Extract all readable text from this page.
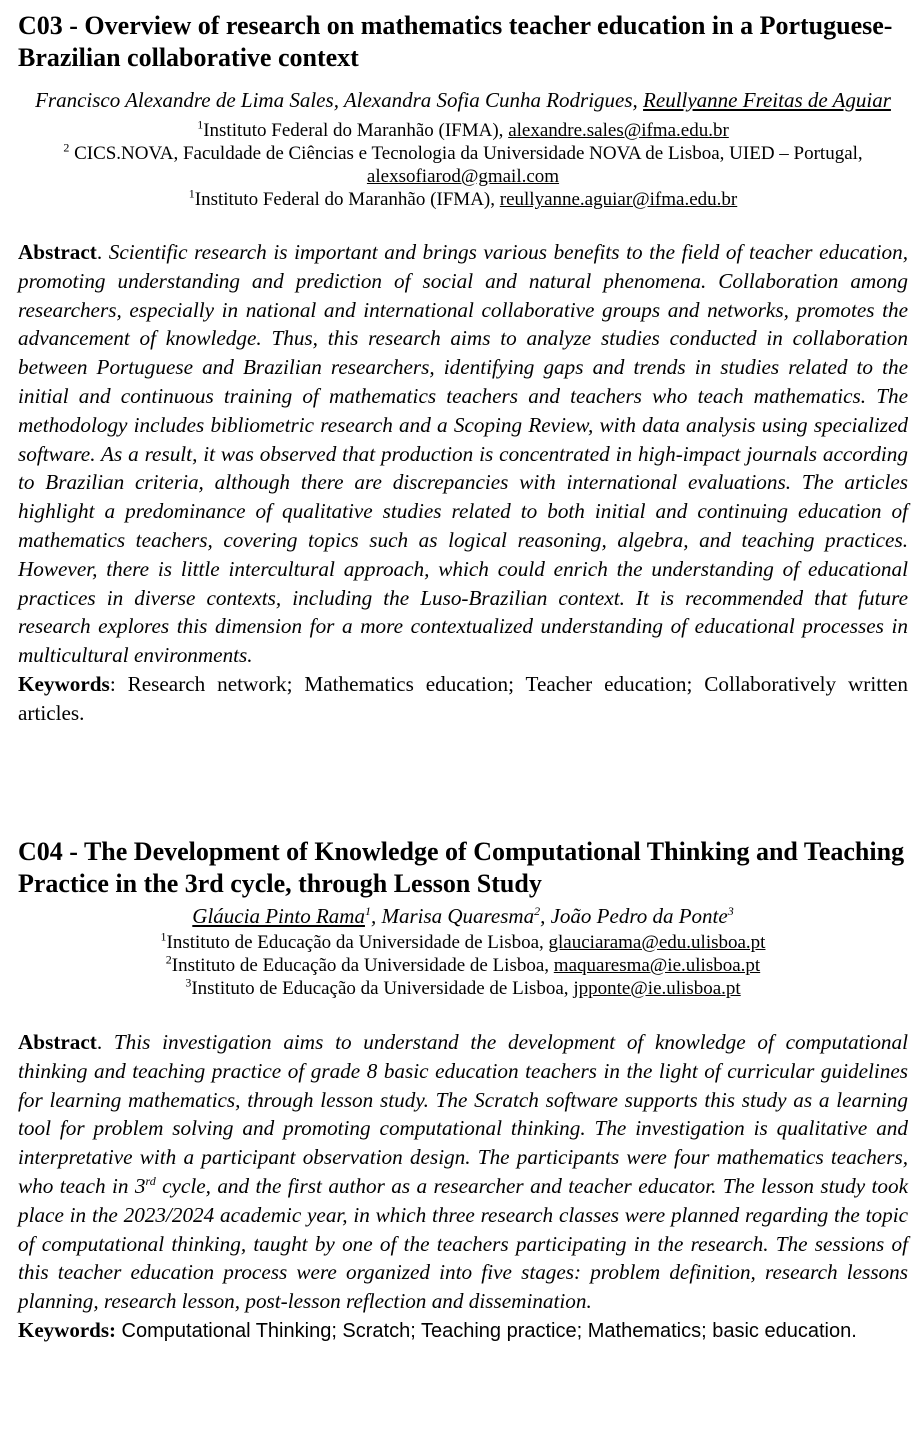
C03 - Overview of research on mathematics teacher education in a Portuguese-Brazilian collaborative context

Francisco Alexandre de Lima Sales, Alexandra Sofia Cunha Rodrigues, Reullyanne Freitas de Aguiar

$^1$Instituto Federal do Maranhão (IFMA), alexandre.sales@ifma.edu.br

$^2$ CICS.NOVA, Faculdade de Ciências e Tecnologia da Universidade NOVA de Lisboa, UIED – Portugal, alexsofiarod@gmail.com

$^1$Instituto Federal do Maranhão (IFMA), reullyanne.aguiar@ifma.edu.br

Abstract. Scientific research is important and brings various benefits to the field of teacher education, promoting understanding and prediction of social and natural phenomena. Collaboration among researchers, especially in national and international collaborative groups and networks, promotes the advancement of knowledge. Thus, this research aims to analyze studies conducted in collaboration between Portuguese and Brazilian researchers, identifying gaps and trends in studies related to the initial and continuous training of mathematics teachers and teachers who teach mathematics. The methodology includes bibliometric research and a Scoping Review, with data analysis using specialized software. As a result, it was observed that production is concentrated in high-impact journals according to Brazilian criteria, although there are discrepancies with international evaluations. The articles highlight a predominance of qualitative studies related to both initial and continuing education of mathematics teachers, covering topics such as logical reasoning, algebra, and teaching practices. However, there is little intercultural approach, which could enrich the understanding of educational practices in diverse contexts, including the Luso-Brazilian context. It is recommended that future research explores this dimension for a more contextualized understanding of educational processes in multicultural environments.

Keywords: Research network; Mathematics education; Teacher education; Collaboratively written articles.

C04 - The Development of Knowledge of Computational Thinking and Teaching Practice in the 3rd cycle, through Lesson Study

Gláucia Pinto Rama$^1$, Marisa Quaresma$^2$, João Pedro da Ponte$^3$

$^1$Instituto de Educação da Universidade de Lisboa, glauciarama@edu.ulisboa.pt

$^2$Instituto de Educação da Universidade de Lisboa, maquaresma@ie.ulisboa.pt

$^3$Instituto de Educação da Universidade de Lisboa, jpponte@ie.ulisboa.pt

Abstract. This investigation aims to understand the development of knowledge of computational thinking and teaching practice of grade 8 basic education teachers in the light of curricular guidelines for learning mathematics, through lesson study. The Scratch software supports this study as a learning tool for problem solving and promoting computational thinking. The investigation is qualitative and interpretative with a participant observation design. The participants were four mathematics teachers, who teach in 3rd cycle, and the first author as a researcher and teacher educator. The lesson study took place in the 2023/2024 academic year, in which three research classes were planned regarding the topic of computational thinking, taught by one of the teachers participating in the research. The sessions of this teacher education process were organized into five stages: problem definition, research lessons planning, research lesson, post-lesson reflection and dissemination.

Keywords: Computational Thinking; Scratch; Teaching practice; Mathematics; basic education.
